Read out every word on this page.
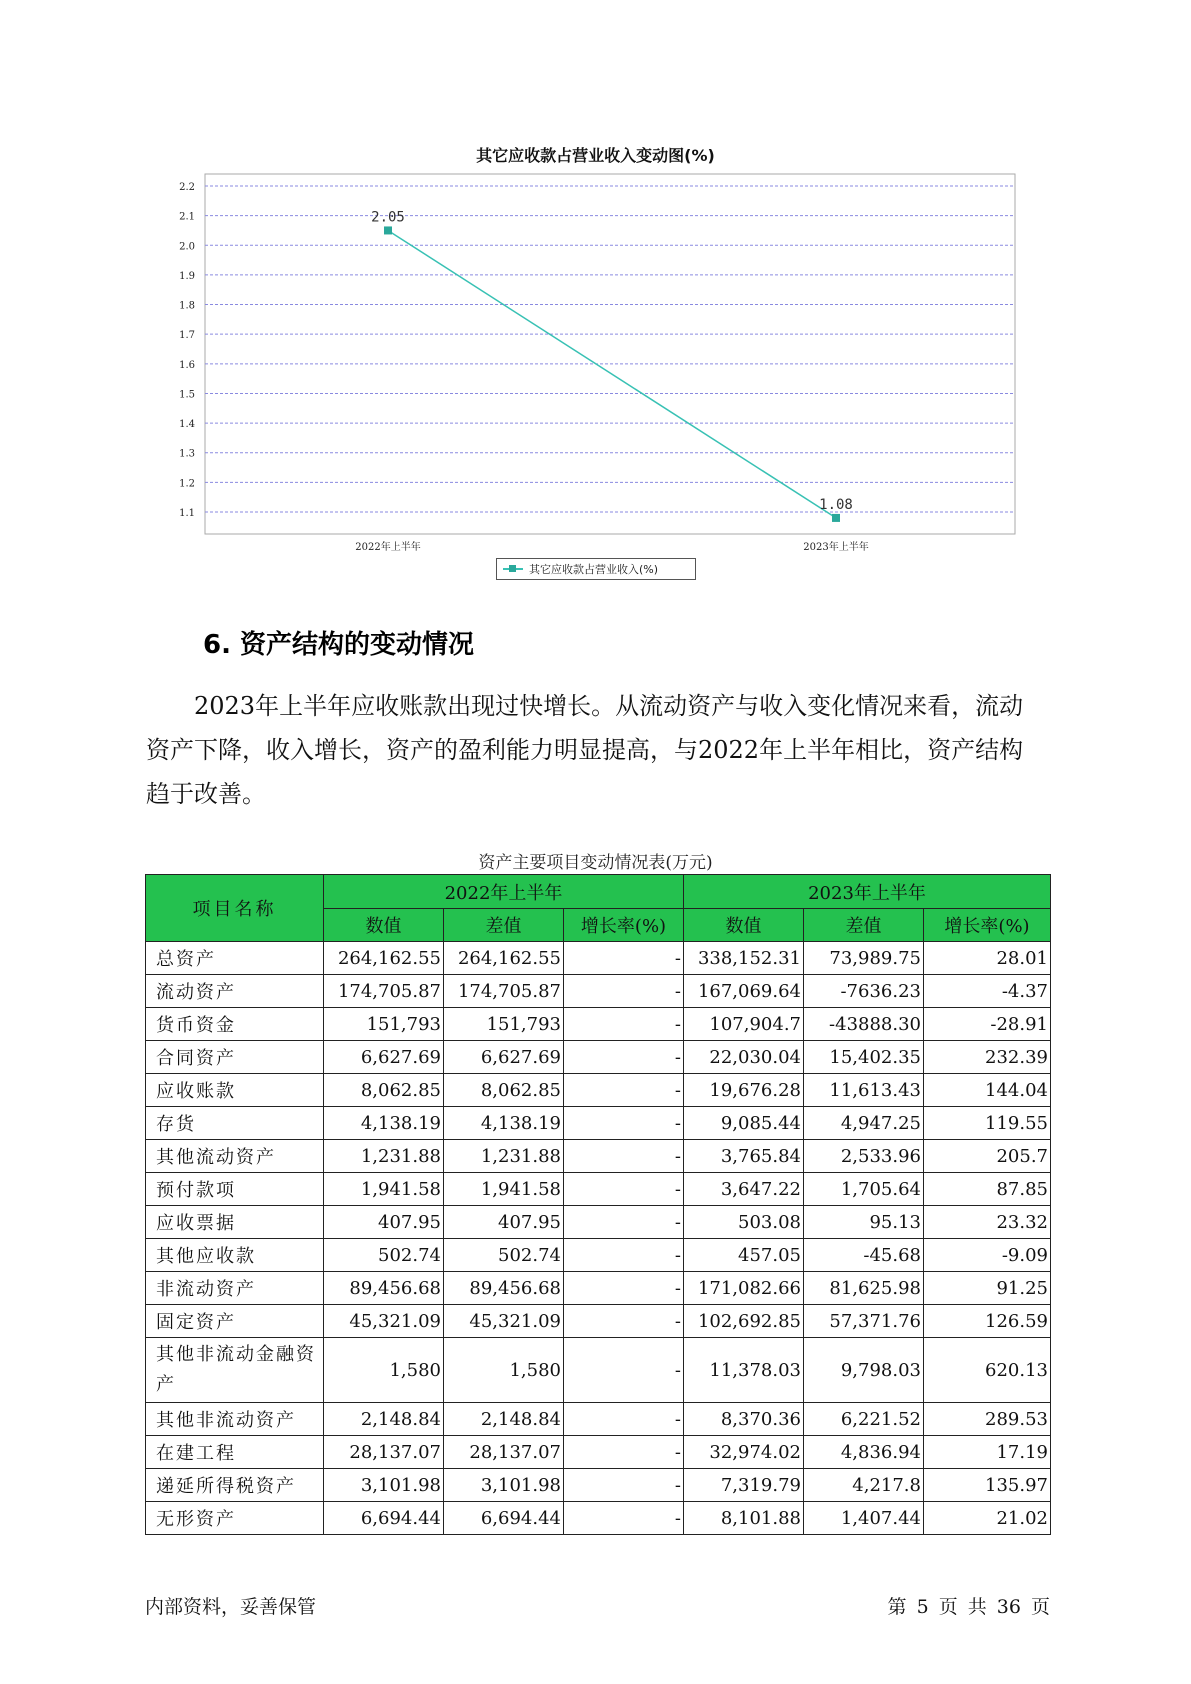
其它应收款占营业收入变动图(%)
1.1
1.2
1.3
1.4
1.5
1.6
1.7
1.8
1.9
2.0
2.1
2.2
2022年上半年	2023年上半年
2.05
1.08
其它应收款占营业收入(%)
6. 资产结构的变动情况

2023年上半年应收账款出现过快增长。从流动资产与收入变化情况来看，流动资产下降，收入增长，资产的盈利能力明显提高，与2022年上半年相比，资产结构趋于改善。

资产主要项目变动情况表(万元)
项目名称	2022年上半年			2023年上半年		
	数值	差值	增长率(%)	数值	差值	增长率(%)
总资产	264,162.55	264,162.55	-	338,152.31	73,989.75	28.01
流动资产	174,705.87	174,705.87	-	167,069.64	-7636.23	-4.37
货币资金	151,793	151,793	-	107,904.7	-43888.30	-28.91
合同资产	6,627.69	6,627.69	-	22,030.04	15,402.35	232.39
应收账款	8,062.85	8,062.85	-	19,676.28	11,613.43	144.04
存货	4,138.19	4,138.19	-	9,085.44	4,947.25	119.55
其他流动资产	1,231.88	1,231.88	-	3,765.84	2,533.96	205.7
预付款项	1,941.58	1,941.58	-	3,647.22	1,705.64	87.85
应收票据	407.95	407.95	-	503.08	95.13	23.32
其他应收款	502.74	502.74	-	457.05	-45.68	-9.09
非流动资产	89,456.68	89,456.68	-	171,082.66	81,625.98	91.25
固定资产	45,321.09	45,321.09	-	102,692.85	57,371.76	126.59
其他非流动金融资产	1,580	1,580	-	11,378.03	9,798.03	620.13
其他非流动资产	2,148.84	2,148.84	-	8,370.36	6,221.52	289.53
在建工程	28,137.07	28,137.07	-	32,974.02	4,836.94	17.19
递延所得税资产	3,101.98	3,101.98	-	7,319.79	4,217.8	135.97
无形资产	6,694.44	6,694.44	-	8,101.88	1,407.44	21.02
内部资料，妥善保管	第 5 页 共 36 页
